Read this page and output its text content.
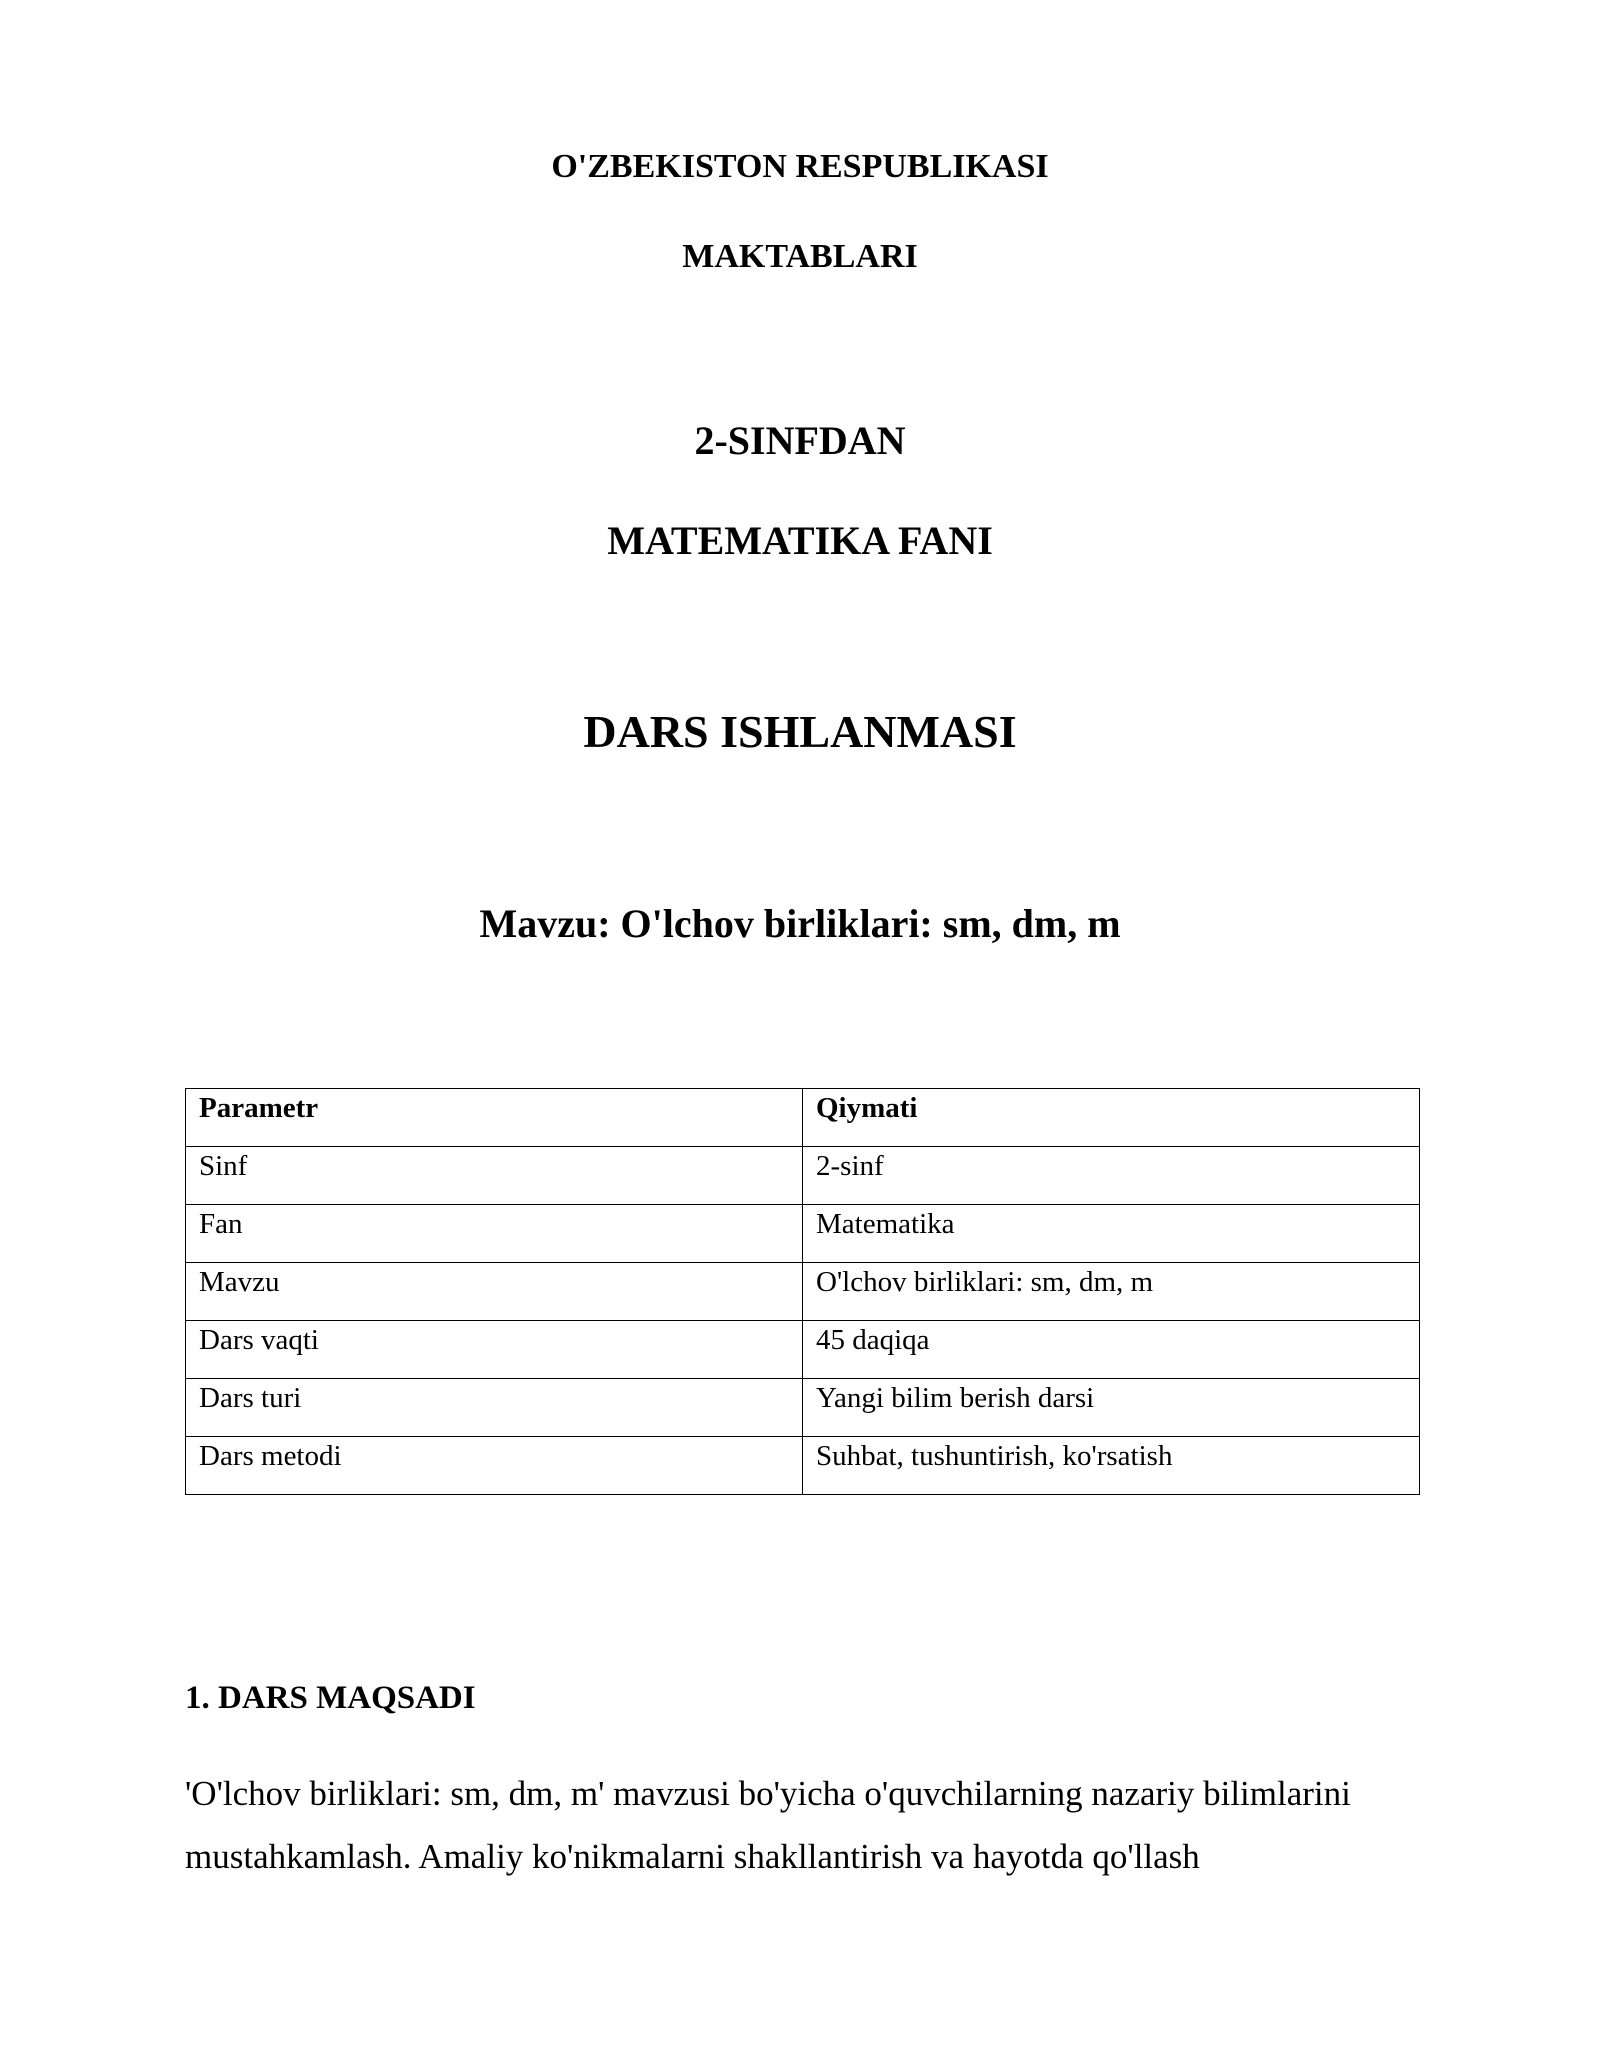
O'ZBEKISTON RESPUBLIKASI
MAKTABLARI
2-SINFDAN
MATEMATIKA FANI
DARS ISHLANMASI
Mavzu: O'lchov birliklari: sm, dm, m
Parametr	Qiymati
Sinf	2-sinf
Fan	Matematika
Mavzu	O'lchov birliklari: sm, dm, m
Dars vaqti	45 daqiqa
Dars turi	Yangi bilim berish darsi
Dars metodi	Suhbat, tushuntirish, ko'rsatish
1. DARS MAQSADI

'O'lchov birliklari: sm, dm, m' mavzusi bo'yicha o'quvchilarning nazariy bilimlarini mustahkamlash. Amaliy ko'nikmalarni shakllantirish va hayotda qo'llash
